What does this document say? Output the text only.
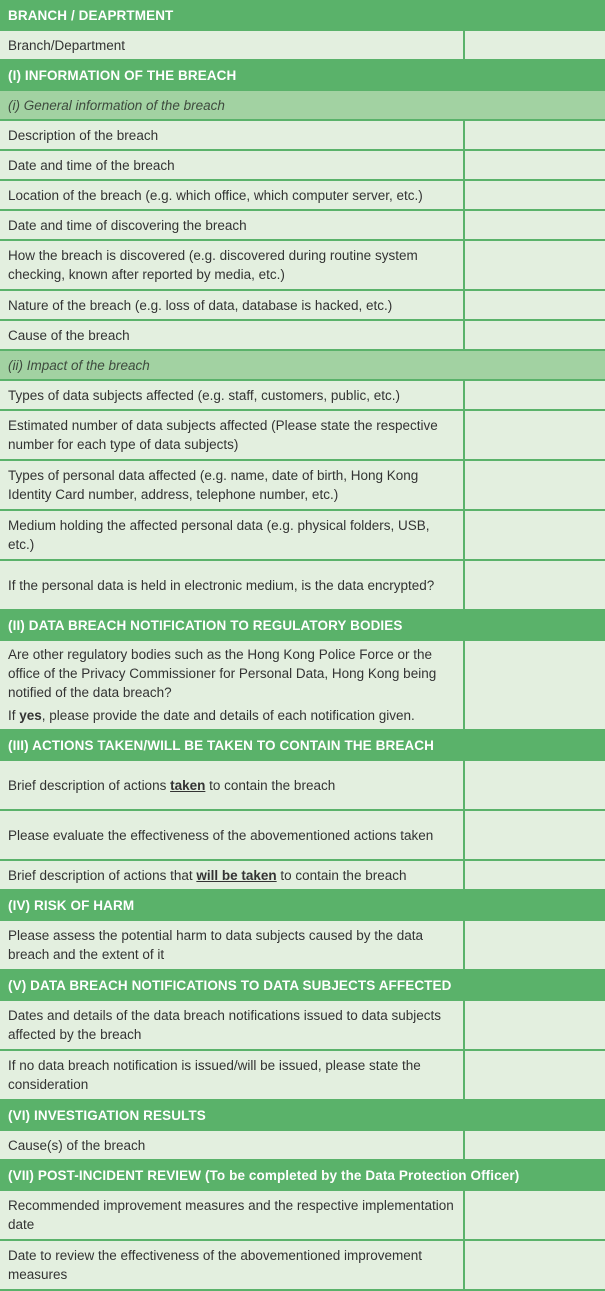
BRANCH / DEAPRTMENT	
Branch/Department	
(I) INFORMATION OF THE BREACH	
(i) General information of the breach	
Description of the breach	
Date and time of the breach	
Location of the breach (e.g. which office, which computer server, etc.)	
Date and time of discovering the breach	
How the breach is discovered (e.g. discovered during routine system checking, known after reported by media, etc.)	
Nature of the breach (e.g. loss of data, database is hacked, etc.)	
Cause of the breach	
(ii) Impact of the breach	
Types of data subjects affected (e.g. staff, customers, public, etc.)	
Estimated number of data subjects affected (Please state the respective number for each type of data subjects)	
Types of personal data affected (e.g. name, date of birth, Hong Kong Identity Card number, address, telephone number, etc.)	
Medium holding the affected personal data (e.g. physical folders, USB, etc.)	
If the personal data is held in electronic medium, is the data encrypted?	
(II) DATA BREACH NOTIFICATION TO REGULATORY BODIES	
Are other regulatory bodies such as the Hong Kong Police Force or the office of the Privacy Commissioner for Personal Data, Hong Kong being notified of the data breach?
If yes, please provide the date and details of each notification given.	

(III) ACTIONS TAKEN/WILL BE TAKEN TO CONTAIN THE BREACH	
Brief description of actions taken to contain the breach	
Please evaluate the effectiveness of the abovementioned actions taken	
Brief description of actions that will be taken to contain the breach	
(IV) RISK OF HARM	
Please assess the potential harm to data subjects caused by the data breach and the extent of it	
(V) DATA BREACH NOTIFICATIONS TO DATA SUBJECTS AFFECTED	
Dates and details of the data breach notifications issued to data subjects affected by the breach	
If no data breach notification is issued/will be issued, please state the consideration	
(VI) INVESTIGATION RESULTS	
Cause(s) of the breach	
(VII) POST-INCIDENT REVIEW (To be completed by the Data Protection Officer)	
Recommended improvement measures and the respective implementation date	
Date to review the effectiveness of the abovementioned improvement measures	
